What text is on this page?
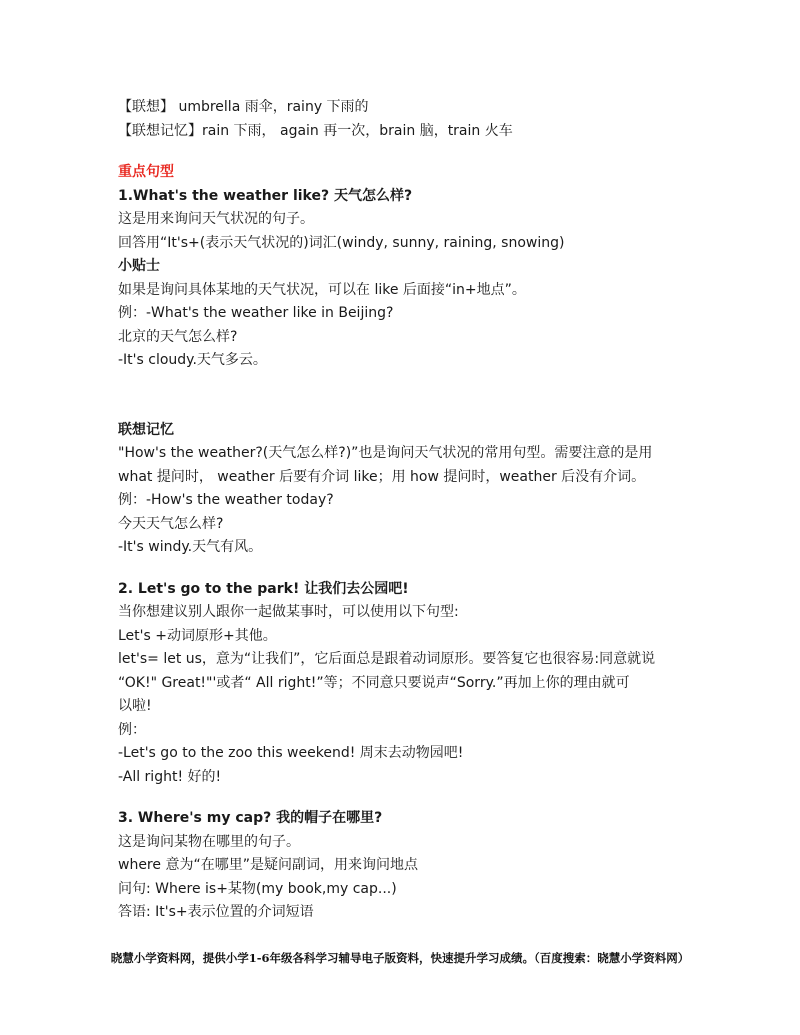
【联想】 umbrella 雨伞，rainy 下雨的
【联想记忆】rain 下雨， again 再一次，brain 脑，train 火车
重点句型
1.What's the weather like? 天气怎么样?
这是用来询问天气状况的句子。
回答用“It's+(表示天气状况的)词汇(windy, sunny, raining, snowing)
小贴士
如果是询问具体某地的天气状况，可以在 like 后面接“in+地点”。
例：-What's the weather like in Beijing?
北京的天气怎么样?
-It's cloudy.天气多云。
联想记忆
"How's the weather?(天气怎么样?)”也是询问天气状况的常用句型。需要注意的是用
what 提问时， weather 后要有介词 like；用 how 提问时，weather 后没有介词。
例：-How's the weather today?
今天天气怎么样?
-It's windy.天气有风。
2. Let's go to the park! 让我们去公园吧!
当你想建议别人跟你一起做某事时，可以使用以下句型:
Let's +动词原形+其他。
let's= let us，意为“让我们”，它后面总是跟着动词原形。要答复它也很容易:同意就说
“OK!" Great!"'或者“ All right!”等；不同意只要说声“Sorry.”再加上你的理由就可
以啦!
例：
-Let's go to the zoo this weekend! 周末去动物园吧!
-All right! 好的!
3. Where's my cap? 我的帽子在哪里?
这是询问某物在哪里的句子。
where 意为“在哪里”是疑问副词，用来询问地点
问句: Where is+某物(my book,my cap...)
答语: It's+表示位置的介词短语
晓慧小学资料网，提供小学1-6年级各科学习辅导电子版资料，快速提升学习成绩。（百度搜索：晓慧小学资料网）
